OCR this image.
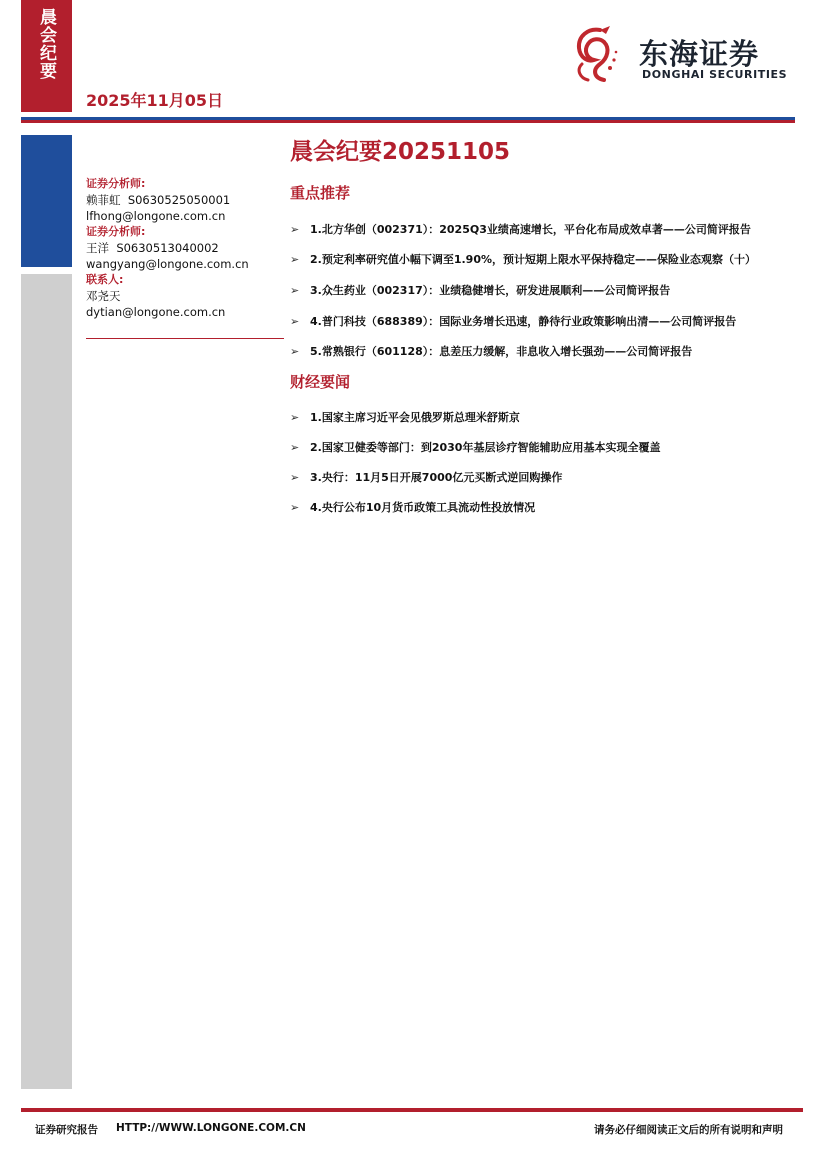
晨会纪要
2025年11月05日
东海证券
DONGHAI SECURITIES
晨会纪要20251105
证券分析师:
赖菲虹 S0630525050001
lfhong@longone.com.cn
证券分析师:
王洋 S0630513040002
wangyang@longone.com.cn
联系人:
邓尧天
dytian@longone.com.cn
重点推荐
➢ 1.北方华创（002371）：2025Q3业绩高速增长，平台化布局成效卓著——公司简评报告
➢ 2.预定利率研究值小幅下调至1.90%，预计短期上限水平保持稳定——保险业态观察（十）
➢ 3.众生药业（002317）：业绩稳健增长，研发进展顺利——公司简评报告
➢ 4.普门科技（688389）：国际业务增长迅速，静待行业政策影响出清——公司简评报告
➢ 5.常熟银行（601128）：息差压力缓解，非息收入增长强劲——公司简评报告
财经要闻
➢ 1.国家主席习近平会见俄罗斯总理米舒斯京
➢ 2.国家卫健委等部门：到2030年基层诊疗智能辅助应用基本实现全覆盖
➢ 3.央行：11月5日开展7000亿元买断式逆回购操作
➢ 4.央行公布10月货币政策工具流动性投放情况
证券研究报告 HTTP://WWW.LONGONE.COM.CN	请务必仔细阅读正文后的所有说明和声明
